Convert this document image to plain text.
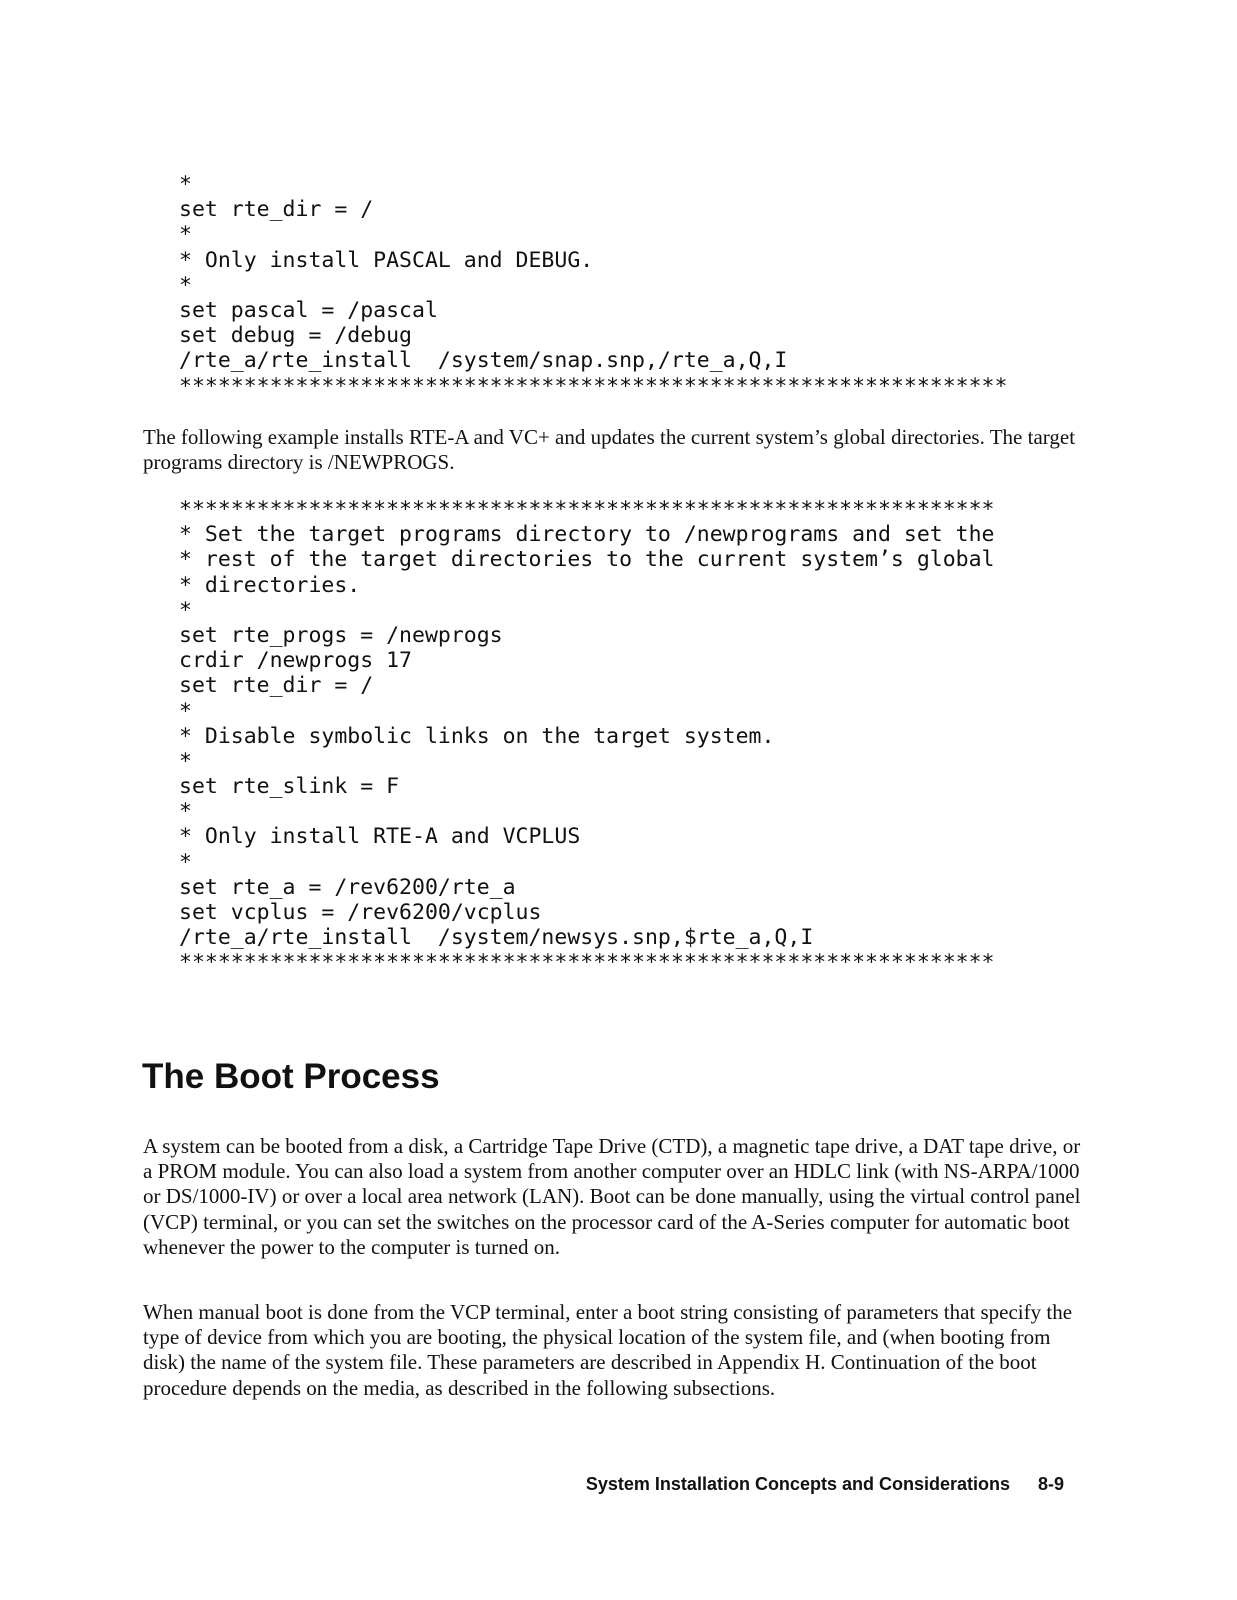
*
set rte_dir = /
*
* Only install PASCAL and DEBUG.
*
set pascal = /pascal
set debug = /debug
/rte_a/rte_install  /system/snap.snp,/rte_a,Q,I
****************************************************************

The following example installs RTE-A and VC+ and updates the current system’s global directories. The target programs directory is /NEWPROGS.

***************************************************************
* Set the target programs directory to /newprograms and set the
* rest of the target directories to the current system’s global
* directories.
*
set rte_progs = /newprogs
crdir /newprogs 17
set rte_dir = /
*
* Disable symbolic links on the target system.
*
set rte_slink = F
*
* Only install RTE-A and VCPLUS
*
set rte_a = /rev6200/rte_a
set vcplus = /rev6200/vcplus
/rte_a/rte_install  /system/newsys.snp,$rte_a,Q,I
***************************************************************
The Boot Process

A system can be booted from a disk, a Cartridge Tape Drive (CTD), a magnetic tape drive, a DAT tape drive, or a PROM module. You can also load a system from another computer over an HDLC link (with NS-ARPA/1000 or DS/1000-IV) or over a local area network (LAN). Boot can be done manually, using the virtual control panel (VCP) terminal, or you can set the switches on the processor card of the A-Series computer for automatic boot whenever the power to the computer is turned on.

When manual boot is done from the VCP terminal, enter a boot string consisting of parameters that specify the type of device from which you are booting, the physical location of the system file, and (when booting from disk) the name of the system file. These parameters are described in Appendix H. Continuation of the boot procedure depends on the media, as described in the following subsections.

System Installation Concepts and Considerations 8-9
